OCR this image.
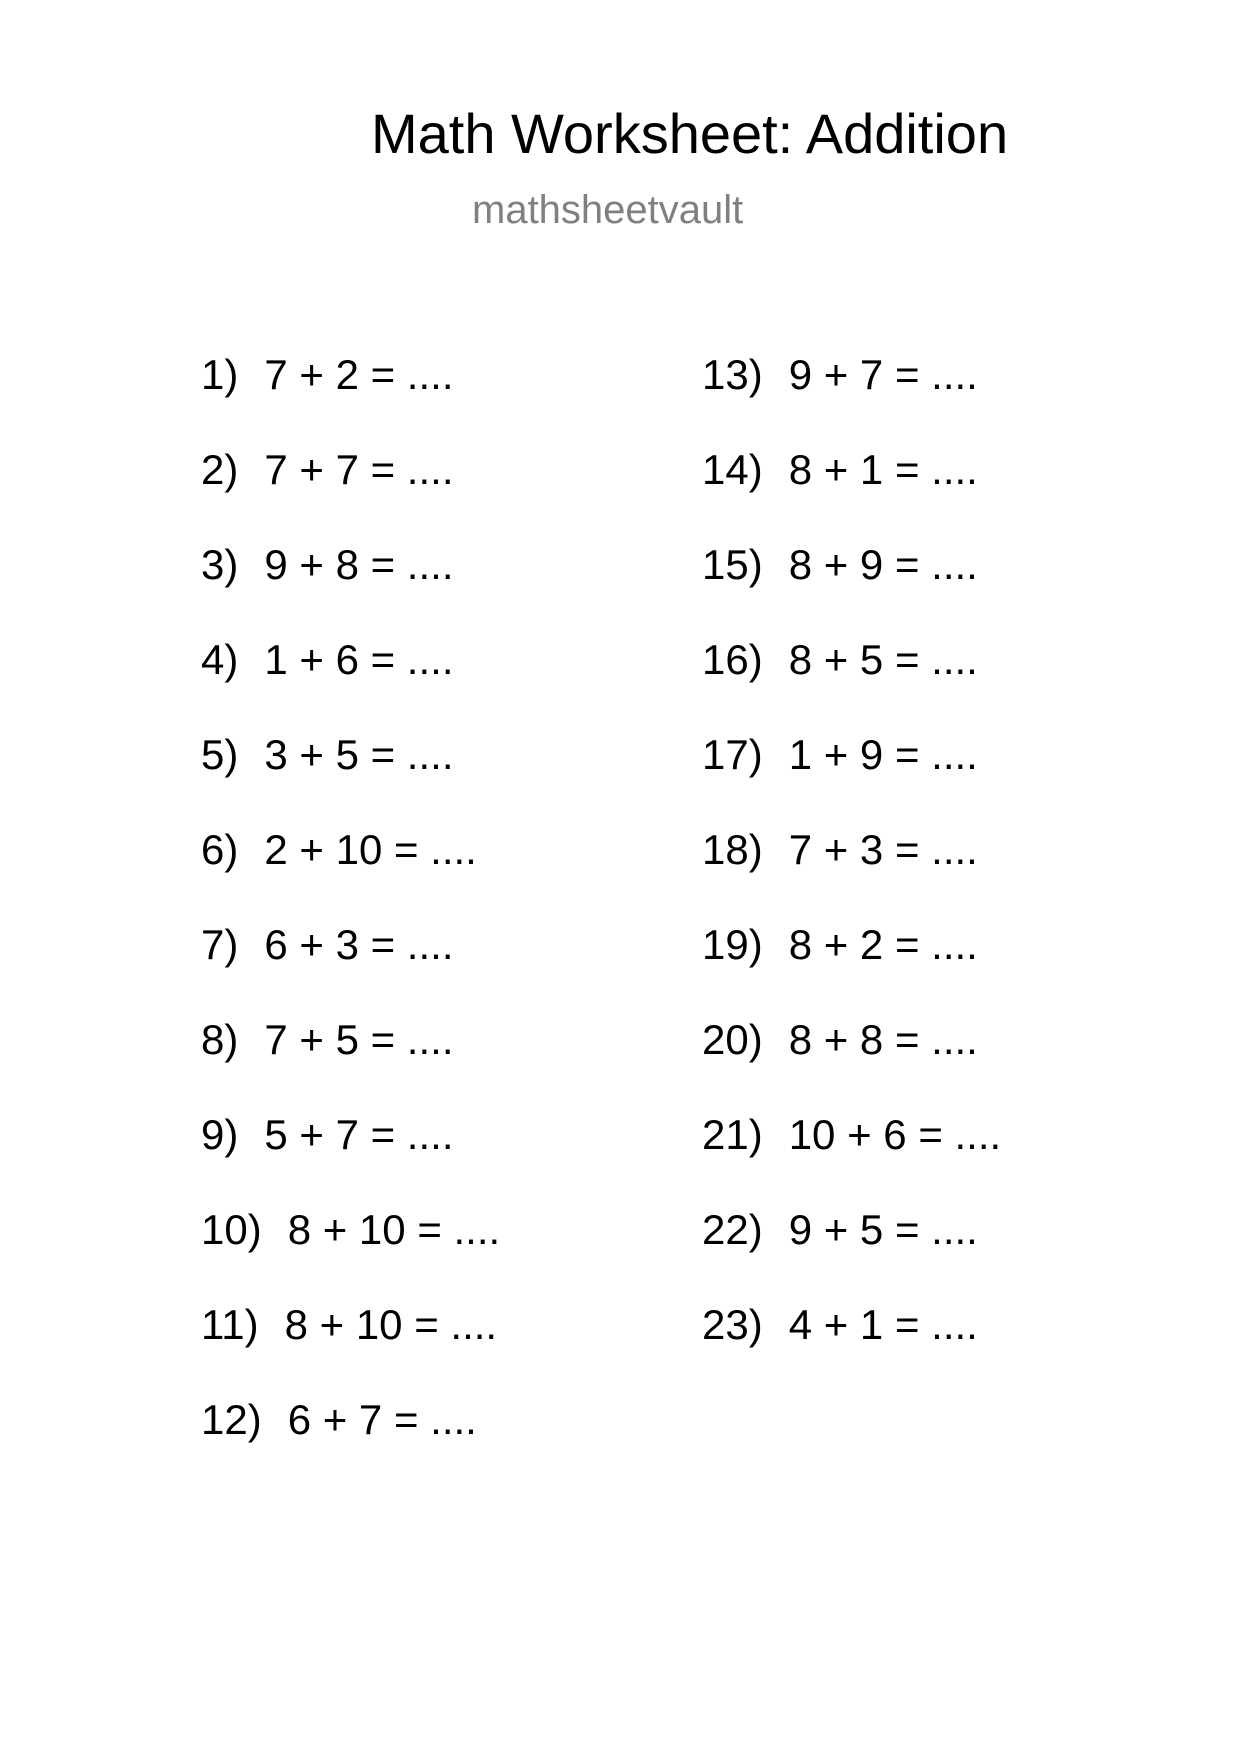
Math Worksheet: Addition
mathsheetvault
1) 7 + 2 = ....
2) 7 + 7 = ....
3) 9 + 8 = ....
4) 1 + 6 = ....
5) 3 + 5 = ....
6) 2 + 10 = ....
7) 6 + 3 = ....
8) 7 + 5 = ....
9) 5 + 7 = ....
10) 8 + 10 = ....
11) 8 + 10 = ....
12) 6 + 7 = ....
13) 9 + 7 = ....
14) 8 + 1 = ....
15) 8 + 9 = ....
16) 8 + 5 = ....
17) 1 + 9 = ....
18) 7 + 3 = ....
19) 8 + 2 = ....
20) 8 + 8 = ....
21) 10 + 6 = ....
22) 9 + 5 = ....
23) 4 + 1 = ....
